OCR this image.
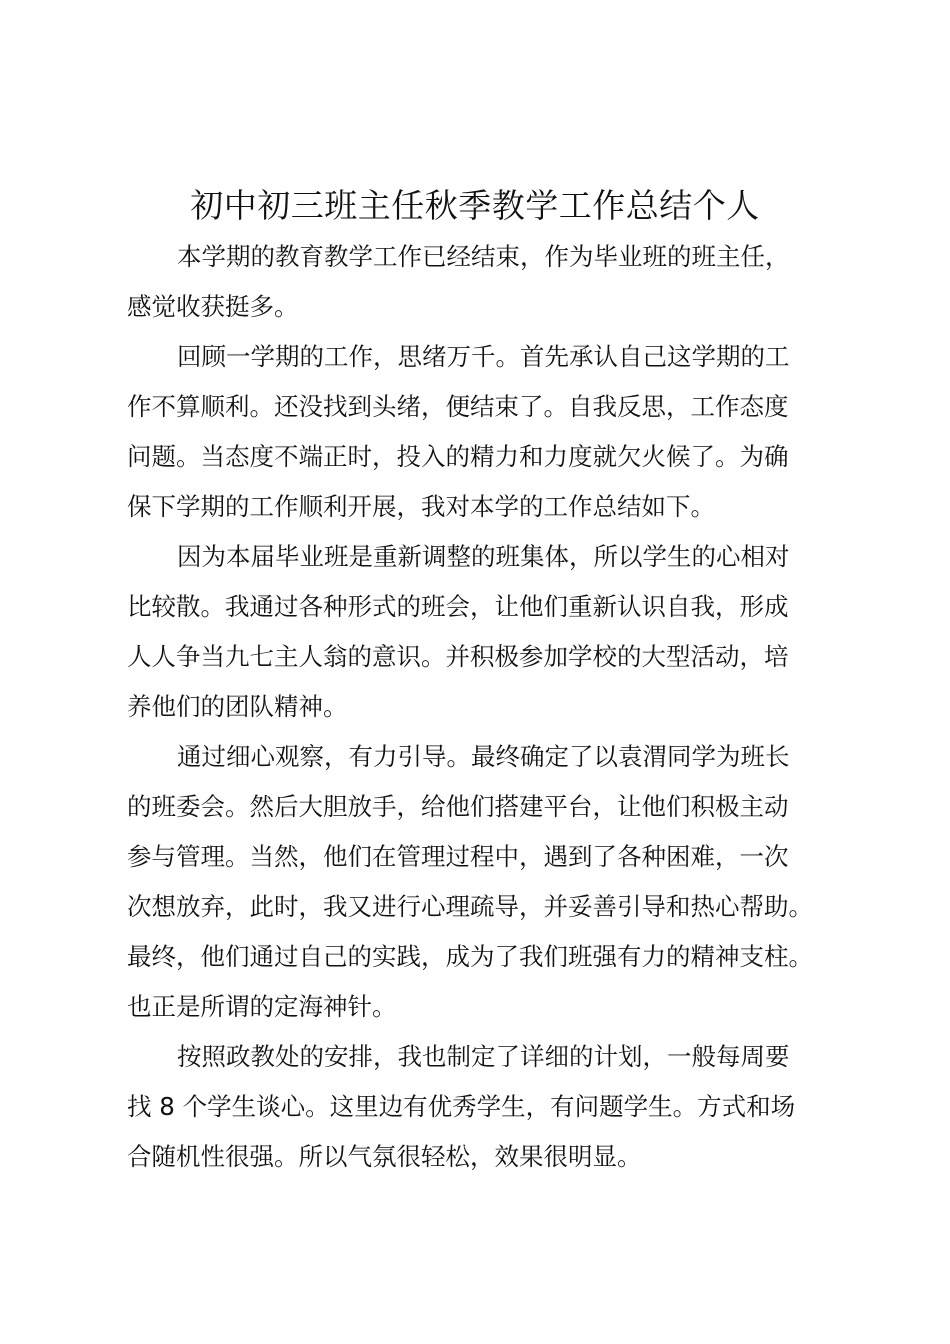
初中初三班主任秋季教学工作总结个人

本学期的教育教学工作已经结束，作为毕业班的班主任，
感觉收获挺多。

回顾一学期的工作，思绪万千。首先承认自己这学期的工
作不算顺利。还没找到头绪，便结束了。自我反思，工作态度
问题。当态度不端正时，投入的精力和力度就欠火候了。为确
保下学期的工作顺利开展，我对本学的工作总结如下。

因为本届毕业班是重新调整的班集体，所以学生的心相对
比较散。我通过各种形式的班会，让他们重新认识自我，形成
人人争当九七主人翁的意识。并积极参加学校的大型活动，培
养他们的团队精神。

通过细心观察，有力引导。最终确定了以袁渭同学为班长
的班委会。然后大胆放手，给他们搭建平台，让他们积极主动
参与管理。当然，他们在管理过程中，遇到了各种困难，一次
次想放弃，此时，我又进行心理疏导，并妥善引导和热心帮助。
最终，他们通过自己的实践，成为了我们班强有力的精神支柱。
也正是所谓的定海神针。

按照政教处的安排，我也制定了详细的计划，一般每周要
找 8 个学生谈心。这里边有优秀学生，有问题学生。方式和场
合随机性很强。所以气氛很轻松，效果很明显。
